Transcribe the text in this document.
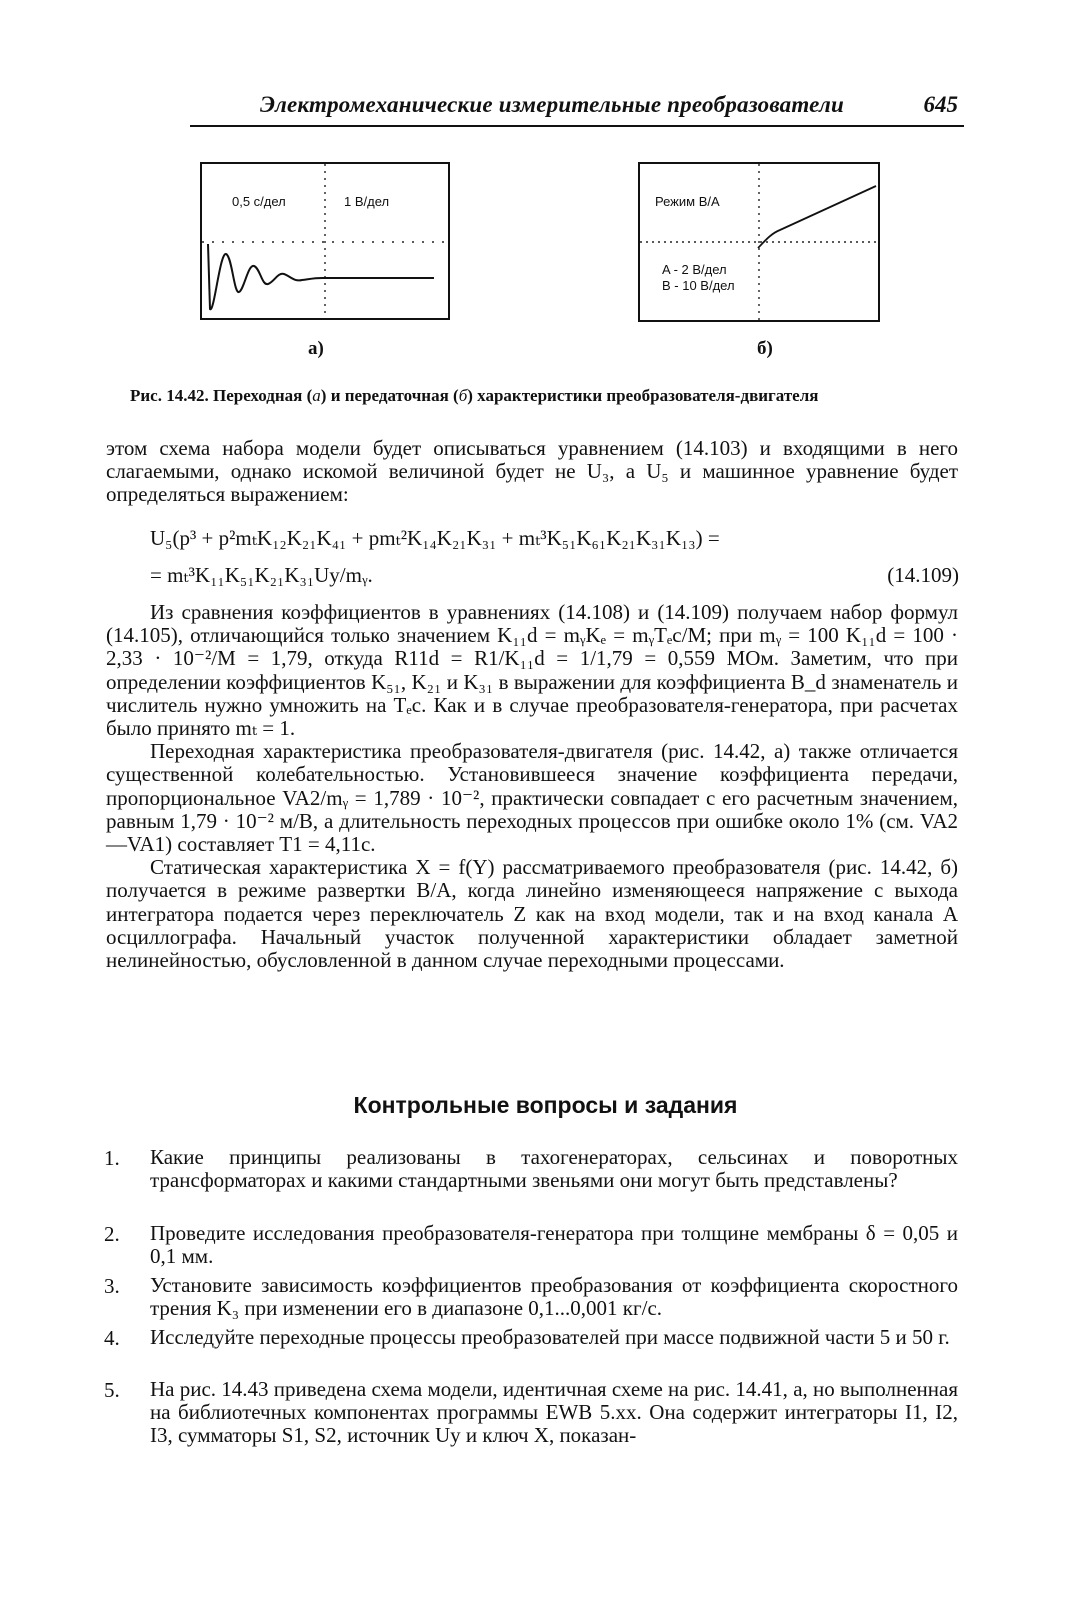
Электромеханические измерительные преобразователи	645
0,5 с/дел	1 В/дел
а)
Режим B/A
A - 2 В/дел
B - 10 В/дел
б)
Рис. 14.42. Переходная (а) и передаточная (б) характеристики преобразователя-двигателя

этом схема набора модели будет описываться уравнением (14.103) и входящими в него слагаемыми, однако искомой величиной будет не U₃, а U₅ и машинное уравнение будет определяться выражением:

U₅(p³ + p²mₜK₁₂K₂₁K₄₁ + pmₜ²K₁₄K₂₁K₃₁ + mₜ³K₅₁K₆₁K₂₁K₃₁K₁₃) =
= mₜ³K₁₁K₅₁K₂₁K₃₁Uy/mᵧ.	(14.109)

Из сравнения коэффициентов в уравнениях (14.108) и (14.109) получаем набор формул (14.105), отличающийся только значением K₁₁d = mᵧKₑ = mᵧTₑс/M; при mᵧ = 100 K₁₁d = 100 · 2,33 · 10⁻²/M = 1,79, откуда R11d = R1/K₁₁d = 1/1,79 = 0,559 МОм. Заметим, что при определении коэффициентов K₅₁, K₂₁ и K₃₁ в выражении для коэффициента B_d знаменатель и числитель нужно умножить на Tₑс. Как и в случае преобразователя-генератора, при расчетах было принято mₜ = 1.

Переходная характеристика преобразователя-двигателя (рис. 14.42, а) также отличается существенной колебательностью. Установившееся значение коэффициента передачи, пропорциональное VA2/mᵧ = 1,789 · 10⁻², практически совпадает с его расчетным значением, равным 1,79 · 10⁻² м/В, а длительность переходных процессов при ошибке около 1% (см. VA2—VA1) составляет T1 = 4,11с.

Статическая характеристика X = f(Y) рассматриваемого преобразователя (рис. 14.42, б) получается в режиме развертки B/A, когда линейно изменяющееся напряжение с выхода интегратора подается через переключатель Z как на вход модели, так и на вход канала A осциллографа. Начальный участок полученной характеристики обладает заметной нелинейностью, обусловленной в данном случае переходными процессами.

Контрольные вопросы и задания
1. Какие принципы реализованы в тахогенераторах, сельсинах и поворотных трансформаторах и какими стандартными звеньями они могут быть представлены?
2. Проведите исследования преобразователя-генератора при толщине мембраны δ = 0,05 и 0,1 мм.
3. Установите зависимость коэффициентов преобразования от коэффициента скоростного трения K₃ при изменении его в диапазоне 0,1...0,001 кг/с.
4. Исследуйте переходные процессы преобразователей при массе подвижной части 5 и 50 г.
5. На рис. 14.43 приведена схема модели, идентичная схеме на рис. 14.41, а, но выполненная на библиотечных компонентах программы EWB 5.xx. Она содержит интеграторы I1, I2, I3, сумматоры S1, S2, источник Uy и ключ X, показан-
